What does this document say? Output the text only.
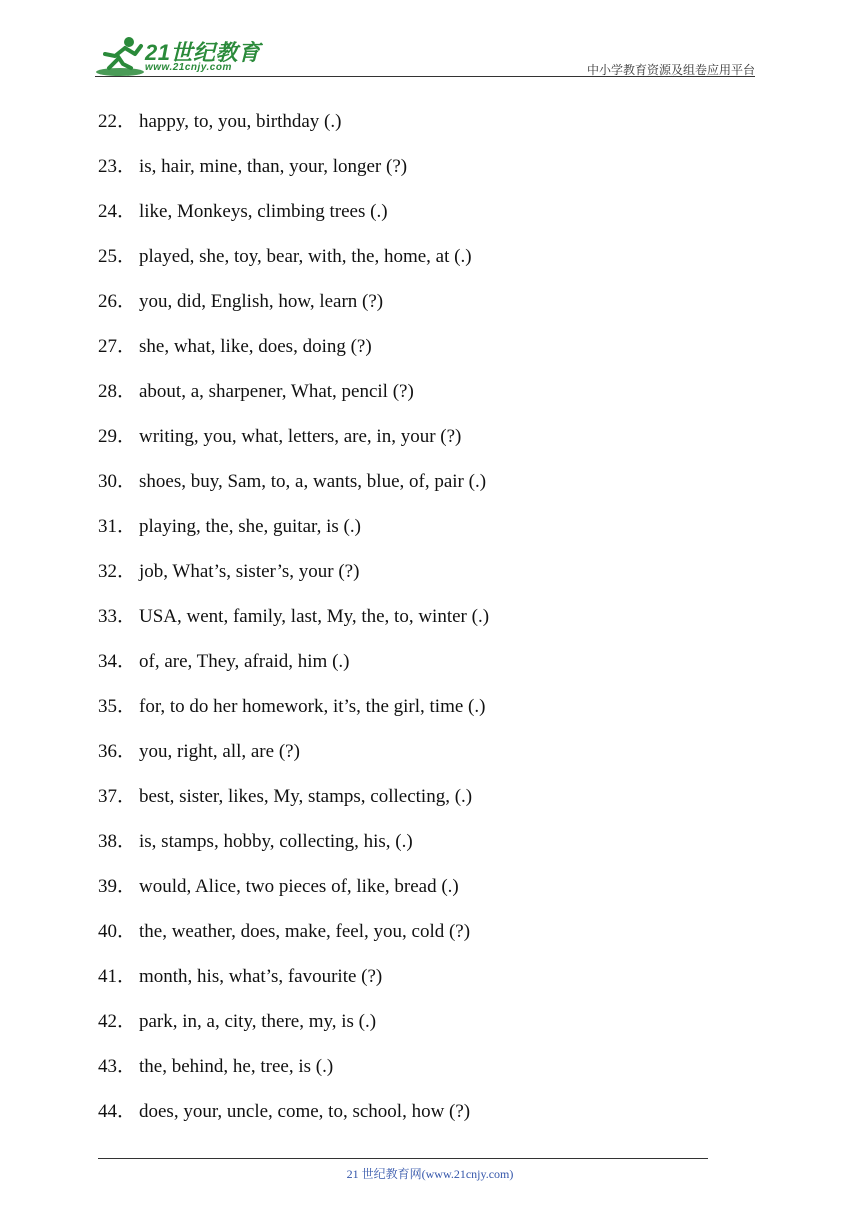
21世纪教育
www.21cnjy.com	中小学教育资源及组卷应用平台
22． happy, to, you, birthday (.)
23． is, hair, mine, than, your, longer (?)
24． like, Monkeys, climbing trees (.)
25． played, she, toy, bear, with, the, home, at (.)
26． you, did, English, how, learn (?)
27． she, what, like, does, doing (?)
28． about, a, sharpener, What, pencil (?)
29． writing, you, what, letters, are, in, your (?)
30． shoes, buy, Sam, to, a, wants, blue, of, pair (.)
31． playing, the, she, guitar, is (.)
32． job, What’s, sister’s, your (?)
33． USA, went, family, last, My, the, to, winter (.)
34． of, are, They, afraid, him (.)
35． for, to do her homework, it’s, the girl, time (.)
36． you, right, all, are (?)
37． best, sister, likes, My, stamps, collecting, (.)
38． is, stamps, hobby, collecting, his, (.)
39． would, Alice, two pieces of, like, bread (.)
40． the, weather, does, make, feel, you, cold (?)
41． month, his, what’s, favourite (?)
42． park, in, a, city, there, my, is (.)
43． the, behind, he, tree, is (.)
44． does, your, uncle, come, to, school, how (?)
21 世纪教育网(www.21cnjy.com)
